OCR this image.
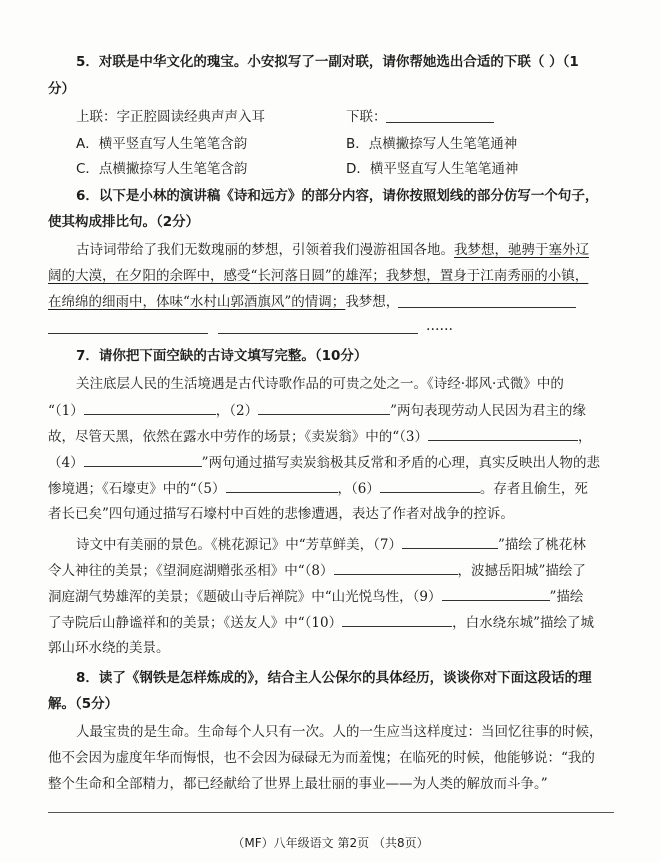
5．对联是中华文化的瑰宝。小安拟写了一副对联，请你帮她选出合适的下联（ ）（1
分）
上联：字正腔圆读经典声声入耳	下联：
A．横平竖直写人生笔笔含韵	B．点横撇捺写人生笔笔通神
C．点横撇捺写人生笔笔含韵	D．横平竖直写人生笔笔通神
6．以下是小林的演讲稿《诗和远方》的部分内容，请你按照划线的部分仿写一个句子，
使其构成排比句。（2分）
古诗词带给了我们无数瑰丽的梦想，引领着我们漫游祖国各地。我梦想，驰骋于塞外辽
阔的大漠，在夕阳的余晖中，感受“长河落日圆”的雄浑；我梦想，置身于江南秀丽的小镇，
在绵绵的细雨中，体味“水村山郭酒旗风”的情调；我梦想，
……
7．请你把下面空缺的古诗文填写完整。（10分）
关注底层人民的生活境遇是古代诗歌作品的可贵之处之一。《诗经·邶风·式微》中的
“（1）	，（2）	”两句表现劳动人民因为君主的缘
故，尽管天黑，依然在露水中劳作的场景；《卖炭翁》中的“（3）	，
（4）	”两句通过描写卖炭翁极其反常和矛盾的心理，真实反映出人物的悲
惨境遇；《石壕吏》中的“（5）	，（6）	。存者且偷生，死
者长已矣”四句通过描写石壕村中百姓的悲惨遭遇，表达了作者对战争的控诉。
诗文中有美丽的景色。《桃花源记》中“芳草鲜美，（7）	”描绘了桃花林
令人神往的美景；《望洞庭湖赠张丞相》中“（8）	，波撼岳阳城”描绘了
洞庭湖气势雄浑的美景；《题破山寺后禅院》中“山光悦鸟性，（9）	”描绘
了寺院后山静谧祥和的美景；《送友人》中“（10）	，白水绕东城”描绘了城
郭山环水绕的美景。
8．读了《钢铁是怎样炼成的》，结合主人公保尔的具体经历，谈谈你对下面这段话的理
解。（5分）
人最宝贵的是生命。生命每个人只有一次。人的一生应当这样度过：当回忆往事的时候，
他不会因为虚度年华而悔恨，也不会因为碌碌无为而羞愧；在临死的时候，他能够说：“我的
整个生命和全部精力，都已经献给了世界上最壮丽的事业——为人类的解放而斗争。”
（MF）八年级语文 第2页 （共8页）
